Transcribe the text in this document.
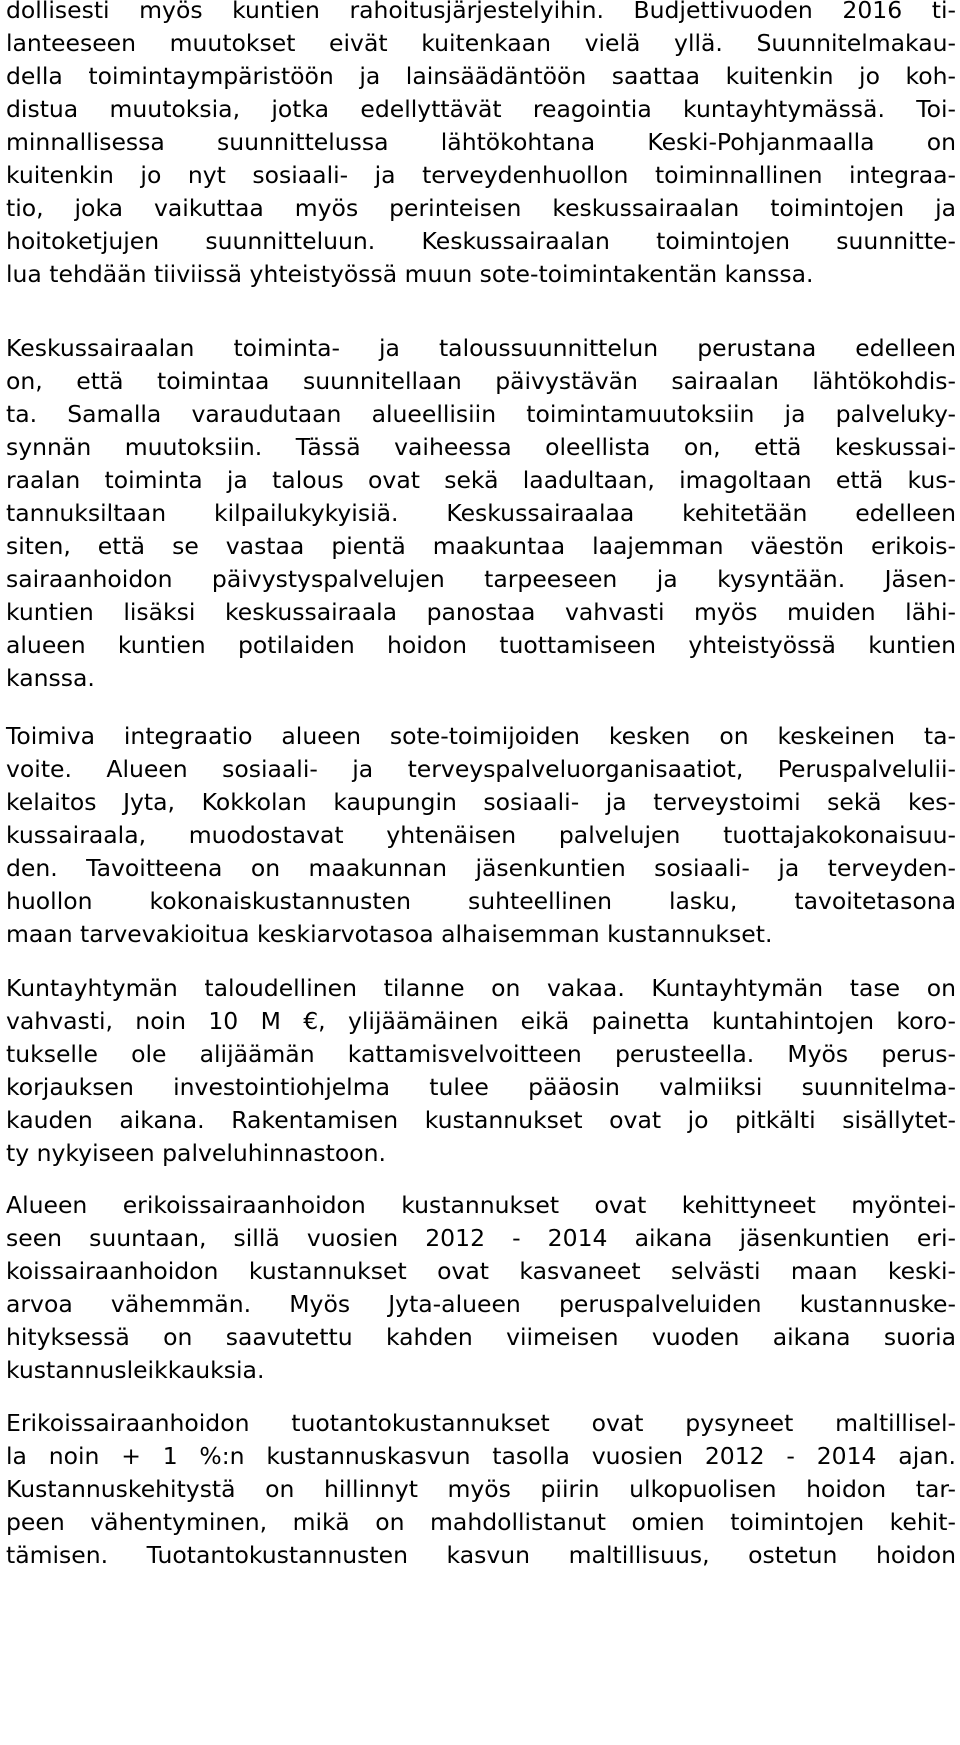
dollisesti myös kuntien rahoitusjärjestelyihin. Budjettivuoden 2016 ti-
lanteeseen muutokset eivät kuitenkaan vielä yllä. Suunnitelmakau-
della toimintaympäristöön ja lainsäädäntöön saattaa kuitenkin jo koh-
distua muutoksia, jotka edellyttävät reagointia kuntayhtymässä. Toi-
minnallisessa suunnittelussa lähtökohtana Keski-Pohjanmaalla on
kuitenkin jo nyt sosiaali- ja terveydenhuollon toiminnallinen integraa-
tio, joka vaikuttaa myös perinteisen keskussairaalan toimintojen ja
hoitoketjujen suunnitteluun. Keskussairaalan toimintojen suunnitte-
lua tehdään tiiviissä yhteistyössä muun sote-toimintakentän kanssa.
Keskussairaalan toiminta- ja taloussuunnittelun perustana edelleen
on, että toimintaa suunnitellaan päivystävän sairaalan lähtökohdis-
ta. Samalla varaudutaan alueellisiin toimintamuutoksiin ja palveluky-
synnän muutoksiin. Tässä vaiheessa oleellista on, että keskussai-
raalan toiminta ja talous ovat sekä laadultaan, imagoltaan että kus-
tannuksiltaan kilpailukykyisiä. Keskussairaalaa kehitetään edelleen
siten, että se vastaa pientä maakuntaa laajemman väestön erikois-
sairaanhoidon päivystyspalvelujen tarpeeseen ja kysyntään. Jäsen-
kuntien lisäksi keskussairaala panostaa vahvasti myös muiden lähi-
alueen kuntien potilaiden hoidon tuottamiseen yhteistyössä kuntien
kanssa.
Toimiva integraatio alueen sote-toimijoiden kesken on keskeinen ta-
voite. Alueen sosiaali- ja terveyspalveluorganisaatiot, Peruspalvelulii-
kelaitos Jyta, Kokkolan kaupungin sosiaali- ja terveystoimi sekä kes-
kussairaala, muodostavat yhtenäisen palvelujen tuottajakokonaisuu-
den. Tavoitteena on maakunnan jäsenkuntien sosiaali- ja terveyden-
huollon kokonaiskustannusten suhteellinen lasku, tavoitetasona
maan tarvevakioitua keskiarvotasoa alhaisemman kustannukset.
Kuntayhtymän taloudellinen tilanne on vakaa. Kuntayhtymän tase on
vahvasti, noin 10 M €, ylijäämäinen eikä painetta kuntahintojen koro-
tukselle ole alijäämän kattamisvelvoitteen perusteella. Myös perus-
korjauksen investointiohjelma tulee pääosin valmiiksi suunnitelma-
kauden aikana. Rakentamisen kustannukset ovat jo pitkälti sisällytet-
ty nykyiseen palveluhinnastoon.
Alueen erikoissairaanhoidon kustannukset ovat kehittyneet myöntei-
seen suuntaan, sillä vuosien 2012 - 2014 aikana jäsenkuntien eri-
koissairaanhoidon kustannukset ovat kasvaneet selvästi maan keski-
arvoa vähemmän. Myös Jyta-alueen peruspalveluiden kustannuske-
hityksessä on saavutettu kahden viimeisen vuoden aikana suoria
kustannusleikkauksia.
Erikoissairaanhoidon tuotantokustannukset ovat pysyneet maltillisel-
la noin + 1 %:n kustannuskasvun tasolla vuosien 2012 - 2014 ajan.
Kustannuskehitystä on hillinnyt myös piirin ulkopuolisen hoidon tar-
peen vähentyminen, mikä on mahdollistanut omien toimintojen kehit-
tämisen. Tuotantokustannusten kasvun maltillisuus, ostetun hoidon
